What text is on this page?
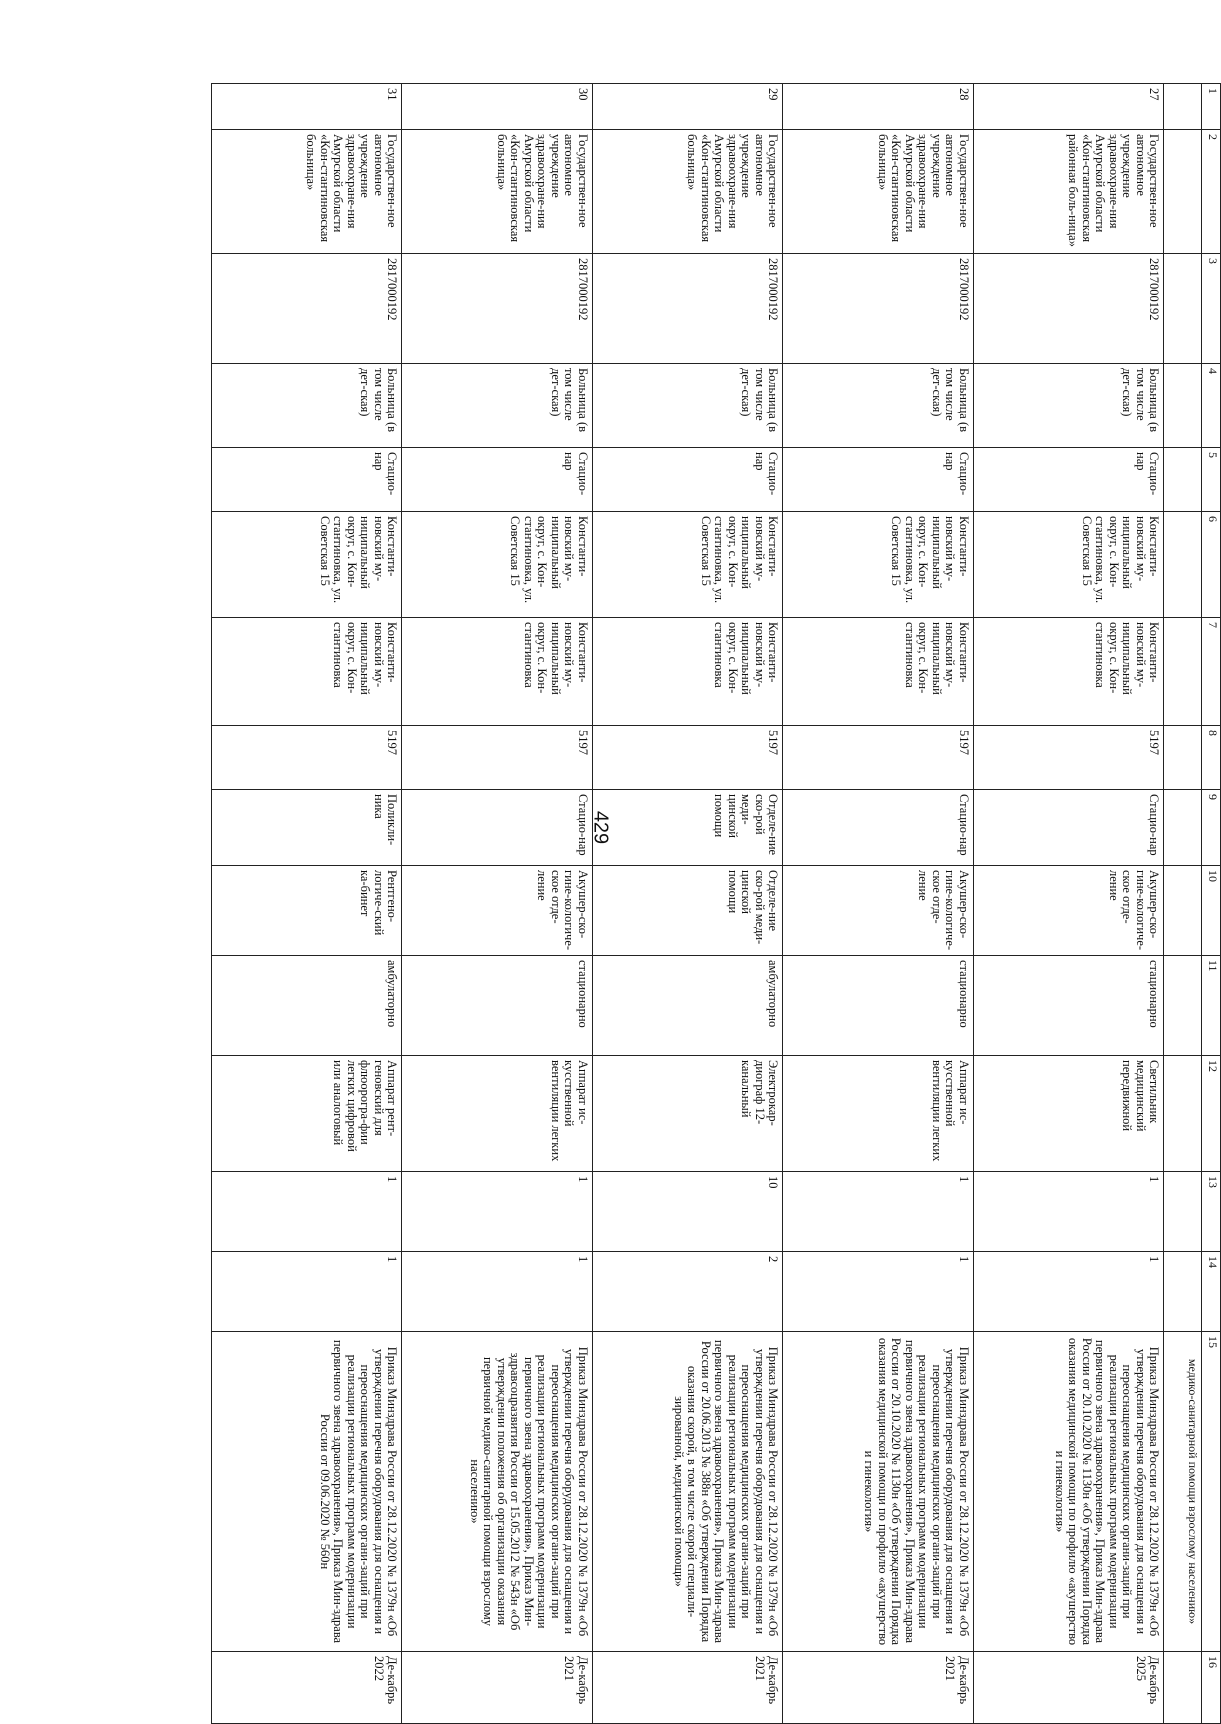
429
1	2	3	4	5	6	7	8	9	10	11	12	13	14	15	16
														медико-санитарной помощи взрослому населению»	
27	Государствен-ное автономное учреждение здравоохране-ния Амурской области «Кон-стантиновская районная боль-ница»	2817000192	Больница (в том числе дет-ская)	Стацио-нар	Константи-новский му-ниципальный округ, с. Кон-стантиновка, ул. Советская 15	Константи-новский му-ниципальный округ, с. Кон-стантиновка	5197	Стацио-нар	Акушер-ско-гине-кологиче-ское отде-ление	стационарно	Светильник медицинский передвижной	1	1	Приказ Минздрава России от 28.12.2020 № 1379н «Об утверждении перечня оборудования для оснащения и переоснащения медицинских органи-заций при реализации региональных программ модернизации первичного звена здравоохранения», Приказ Мин-здрава России от 20.10.2020 № 1130н «Об утверждении Порядка оказания медицинской помощи по профилю «акушерство и гинекология»	Де-кабрь 2025
28	Государствен-ное автономное учреждение здравоохране-ния Амурской области «Кон-стантиновская больница»	2817000192	Больница (в том числе дет-ская)	Стацио-нар	Константи-новский му-ниципальный округ, с. Кон-стантиновка, ул. Советская 15	Константи-новский му-ниципальный округ, с. Кон-стантиновка	5197	Стацио-нар	Акушер-ско-гине-кологиче-ское отде-ление	стационарно	Аппарат ис-кусственной вентиляции легких	1	1	Приказ Минздрава России от 28.12.2020 № 1379н «Об утверждении перечня оборудования для оснащения и переоснащения медицинских органи-заций при реализации региональных программ модернизации первичного звена здравоохранения», Приказ Мин-здрава России от 20.10.2020 № 1130н «Об утверждении Порядка оказания медицинской помощи по профилю «акушерство и гинекология»	Де-кабрь 2021
29	Государствен-ное автономное учреждение здравоохране-ния Амурской области «Кон-стантиновская больница»	2817000192	Больница (в том числе дет-ская)	Стацио-нар	Константи-новский му-ниципальный округ, с. Кон-стантиновка, ул. Советская 15	Константи-новский му-ниципальный округ, с. Кон-стантиновка	5197	Отделе-ние ско-рой меди-цинской помощи	Отделе-ние ско-рой меди-цинской помощи	амбулаторно	Электрокар-диограф 12-канальный	10	2	Приказ Минздрава России от 28.12.2020 № 1379н «Об утверждении перечня оборудования для оснащения и переоснащения медицинских органи-заций при реализации региональных программ модернизации первичного звена здравоохранения», Приказ Мин-здрава России от 20.06.2013 № 388н «Об утверждении Порядка оказания скорой, в том числе скорой специали-зированной, медицинской помощи»	Де-кабрь 2021
30	Государствен-ное автономное учреждение здравоохране-ния Амурской области «Кон-стантиновская больница»	2817000192	Больница (в том числе дет-ская)	Стацио-нар	Константи-новский му-ниципальный округ, с. Кон-стантиновка, ул. Советская 15	Константи-новский му-ниципальный округ, с. Кон-стантиновка	5197	Стацио-нар	Акушер-ско-гине-кологиче-ское отде-ление	стационарно	Аппарат ис-кусственной вентиляции легких	1	1	Приказ Минздрава России от 28.12.2020 № 1379н «Об утверждении перечня оборудования для оснащения и переоснащения медицинских органи-заций при реализации региональных программ модернизации первичного звена здравоохранения», Приказ Мин-здравсоцразвития России от 15.05.2012 № 543н «Об утверждении положения об организации оказания первичной медико-санитарной помощи взрослому населению»	Де-кабрь 2021
31	Государствен-ное автономное учреждение здравоохране-ния Амурской области «Кон-стантиновская больница»	2817000192	Больница (в том числе дет-ская)	Стацио-нар	Константи-новский му-ниципальный округ, с. Кон-стантиновка, ул. Советская 15	Константи-новский му-ниципальный округ, с. Кон-стантиновка	5197	Поликли-ника	Рентгено-логиче-ский ка-бинет	амбулаторно	Аппарат рент-геновский для флюорогра-фии легких цифровой или аналоговый	1	1	Приказ Минздрава России от 28.12.2020 № 1379н «Об утверждении перечня оборудования для оснащения и переоснащения медицинских органи-заций при реализации региональных программ модернизации первичного звена здравоохранения», Приказ Мин-здрава России от 09.06.2020 № 560н	Де-кабрь 2022
